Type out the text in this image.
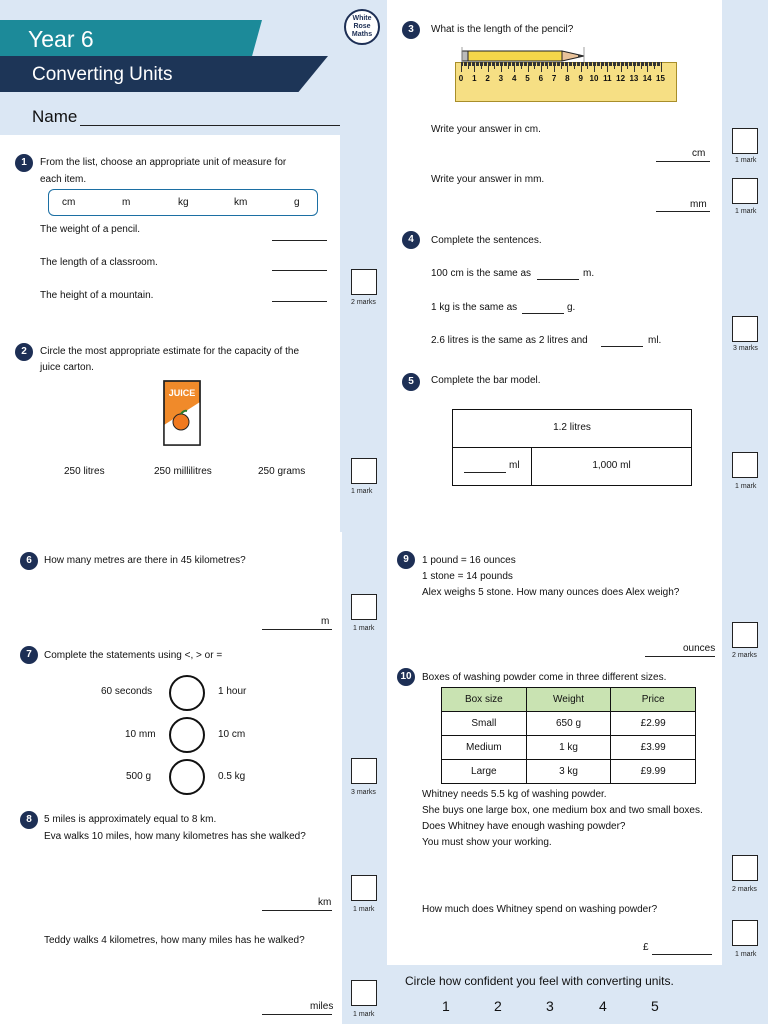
Year 6
Converting Units
Name
White Rose Maths
1	From the list, choose an appropriate unit of measure for
each item.
cm	m	kg	km	g
The weight of a pencil.
The length of a classroom.
The height of a mountain.
2 marks
2	Circle the most appropriate estimate for the capacity of the
juice carton.
JUICE
250 litres	250 millilitres	250 grams
1 mark
3	What is the length of the pencil?
0	1	2	3	4	5	6	7	8	9 10 11 12 13 14 15
Write your answer in cm.
cm
1 mark
Write your answer in mm.
mm
1 mark
4	Complete the sentences.
100 cm is the same as	m.
1 kg is the same as	g.
2.6 litres is the same as 2 litres and	ml.
3 marks
5	Complete the bar model.
1.2 litres
ml	1,000 ml
1 mark
6	How many metres are there in 45 kilometres?
m
1 mark
7	Complete the statements using <, > or =
60 seconds	1 hour
10 mm	10 cm
500 g	0.5 kg
3 marks
8	5 miles is approximately equal to 8 km.
Eva walks 10 miles, how many kilometres has she walked?
km
1 mark
Teddy walks 4 kilometres, how many miles has he walked?
miles
1 mark
9	1 pound = 16 ounces
1 stone = 14 pounds
Alex weighs 5 stone. How many ounces does Alex weigh?
ounces
2 marks
10	Boxes of washing powder come in three different sizes.
Box size	Weight	Price
Small	650 g	£2.99
Medium	1 kg	£3.99
Large	3 kg	£9.99
Whitney needs 5.5 kg of washing powder.
She buys one large box, one medium box and two small boxes.
Does Whitney have enough washing powder?
You must show your working.
2 marks
How much does Whitney spend on washing powder?
£
1 mark
Circle how confident you feel with converting units.
1	2	3	4	5
